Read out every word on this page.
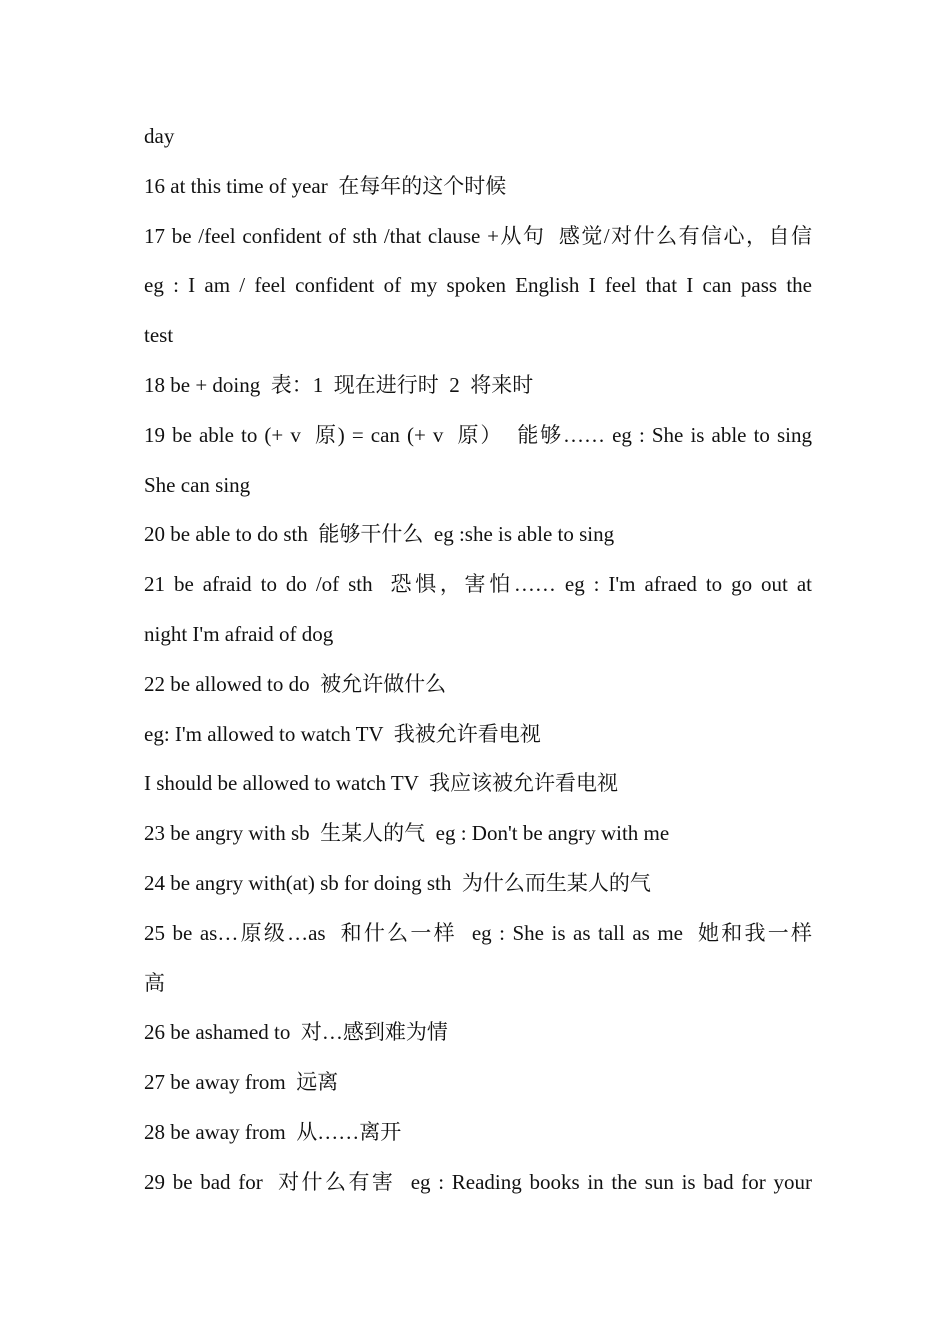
day
16 at this time of year  在每年的这个时候
17 be /feel confident of sth /that clause +从句  感觉/对什么有信心，自信
eg : I am / feel confident of my spoken English I feel that I can pass the
test
18 be + doing  表：1  现在进行时  2  将来时
19 be able to (+ v  原) = can (+ v  原）  能够…… eg : She is able to sing
She can sing
20 be able to do sth  能够干什么  eg :she is able to sing
21 be afraid to do /of sth  恐惧，害怕…… eg : I'm afraed to go out at
night I'm afraid of dog
22 be allowed to do  被允许做什么
eg: I'm allowed to watch TV  我被允许看电视
I should be allowed to watch TV  我应该被允许看电视
23 be angry with sb  生某人的气  eg : Don't be angry with me
24 be angry with(at) sb for doing sth  为什么而生某人的气
25 be as…原级…as  和什么一样  eg : She is as tall as me  她和我一样
高
26 be ashamed to  对…感到难为情
27 be away from  远离
28 be away from  从……离开
29 be bad for  对什么有害  eg : Reading books in the sun is bad for your
